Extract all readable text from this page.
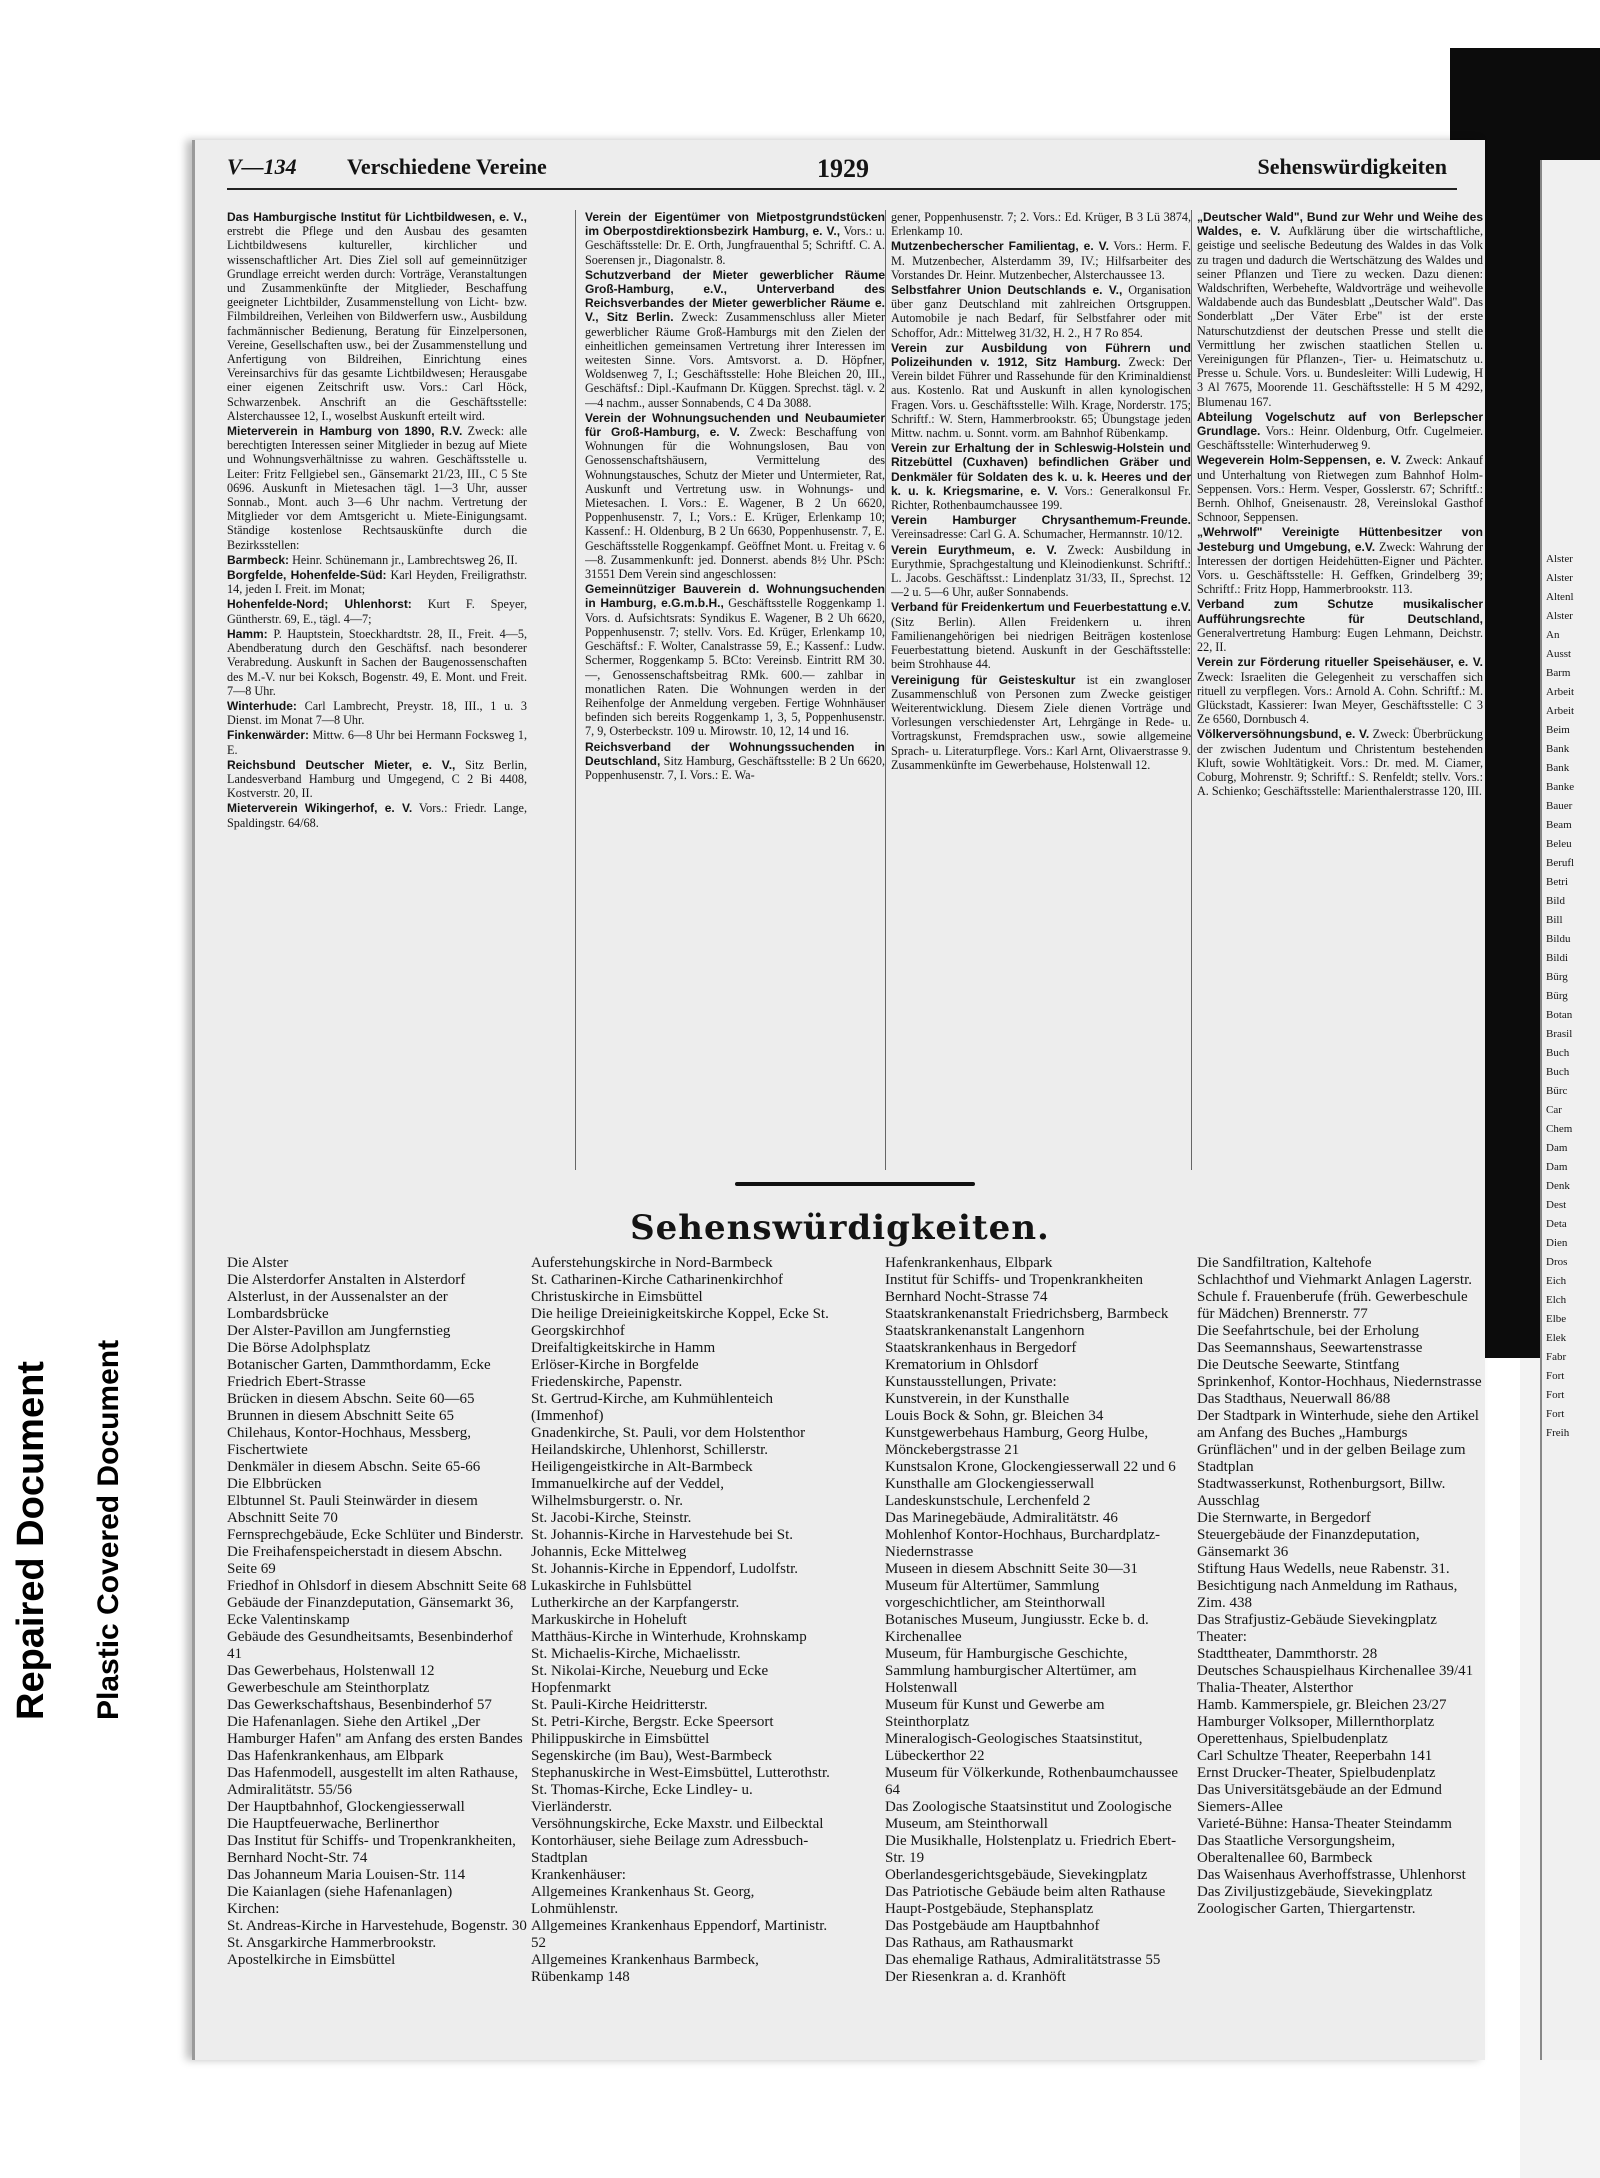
V—134 Verschiedene Vereine	1929	Sehenswürdigkeiten

Das Hamburgische Institut für Lichtbildwesen, e. V., erstrebt die Pflege und den Ausbau des gesamten Lichtbildwesens kultureller, kirchlicher und wissenschaftlicher Art. Dies Ziel soll auf gemeinnütziger Grundlage erreicht werden durch: Vorträge, Veranstaltungen und Zusammenkünfte der Mitglieder, Beschaffung geeigneter Lichtbilder, Zusammenstellung von Licht- bzw. Filmbildreihen, Verleihen von Bildwerfern usw., Ausbildung fachmännischer Bedienung, Beratung für Einzelpersonen, Vereine, Gesellschaften usw., bei der Zusammenstellung und Anfertigung von Bildreihen, Einrichtung eines Vereinsarchivs für das gesamte Lichtbildwesen; Herausgabe einer eigenen Zeitschrift usw. Vors.: Carl Höck, Schwarzenbek. Anschrift an die Geschäftsstelle: Alsterchaussee 12, I., woselbst Auskunft erteilt wird.

Mieterverein in Hamburg von 1890, R.V. Zweck: alle berechtigten Interessen seiner Mitglieder in bezug auf Miete und Wohnungsverhältnisse zu wahren. Geschäftsstelle u. Leiter: Fritz Fellgiebel sen., Gänsemarkt 21/23, III., C 5 Ste 0696. Auskunft in Mietesachen tägl. 1—3 Uhr, ausser Sonnab., Mont. auch 3—6 Uhr nachm. Vertretung der Mitglieder vor dem Amtsgericht u. Miete-Einigungsamt. Ständige kostenlose Rechtsauskünfte durch die Bezirksstellen:

Barmbeck: Heinr. Schünemann jr., Lambrechtsweg 26, II.

Borgfelde, Hohenfelde-Süd: Karl Heyden, Freiligrathstr. 14, jeden I. Freit. im Monat;

Hohenfelde-Nord; Uhlenhorst: Kurt F. Speyer, Güntherstr. 69, E., tägl. 4—7;

Hamm: P. Hauptstein, Stoeckhardtstr. 28, II., Freit. 4—5, Abendberatung durch den Geschäftsf. nach besonderer Verabredung. Auskunft in Sachen der Baugenossenschaften des M.-V. nur bei Koksch, Bogenstr. 49, E. Mont. und Freit. 7—8 Uhr.

Winterhude: Carl Lambrecht, Preystr. 18, III., 1 u. 3 Dienst. im Monat 7—8 Uhr.

Finkenwärder: Mittw. 6—8 Uhr bei Hermann Focksweg 1, E.

Reichsbund Deutscher Mieter, e. V., Sitz Berlin, Landesverband Hamburg und Umgegend, C 2 Bi 4408, Kostverstr. 20, II.

Mieterverein Wikingerhof, e. V. Vors.: Friedr. Lange, Spaldingstr. 64/68.

Verein der Eigentümer von Mietpostgrundstücken im Oberpostdirektionsbezirk Hamburg, e. V., Vors.: u. Geschäftsstelle: Dr. E. Orth, Jungfrauenthal 5; Schriftf. C. A. Soerensen jr., Diagonalstr. 8.

Schutzverband der Mieter gewerblicher Räume Groß-Hamburg, e.V., Unterverband des Reichsverbandes der Mieter gewerblicher Räume e. V., Sitz Berlin. Zweck: Zusammenschluss aller Mieter gewerblicher Räume Groß-Hamburgs mit den Zielen der einheitlichen gemeinsamen Vertretung ihrer Interessen im weitesten Sinne. Vors. Amtsvorst. a. D. Höpfner, Woldsenweg 7, I.; Geschäftsstelle: Hohe Bleichen 20, III., Geschäftsf.: Dipl.-Kaufmann Dr. Küggen. Sprechst. tägl. v. 2—4 nachm., ausser Sonnabends, C 4 Da 3088.

Verein der Wohnungsuchenden und Neubaumieter für Groß-Hamburg, e. V. Zweck: Beschaffung von Wohnungen für die Wohnungslosen, Bau von Genossenschaftshäusern, Vermittelung des Wohnungstausches, Schutz der Mieter und Untermieter, Rat, Auskunft und Vertretung usw. in Wohnungs- und Mietesachen. I. Vors.: E. Wagener, B 2 Un 6620, Poppenhusenstr. 7, I.; Vors.: E. Krüger, Erlenkamp 10; Kassenf.: H. Oldenburg, B 2 Un 6630, Poppenhusenstr. 7, E. Geschäftsstelle Roggenkampf. Geöffnet Mont. u. Freitag v. 6—8. Zusammenkunft: jed. Donnerst. abends 8½ Uhr. PSch: 31551 Dem Verein sind angeschlossen:

Gemeinnütziger Bauverein d. Wohnungsuchenden in Hamburg, e.G.m.b.H., Geschäftsstelle Roggenkamp 1. Vors. d. Aufsichtsrats: Syndikus E. Wagener, B 2 Uh 6620, Poppenhusenstr. 7; stellv. Vors. Ed. Krüger, Erlenkamp 10, Geschäftsf.: F. Wolter, Canalstrasse 59, E.; Kassenf.: Ludw. Schermer, Roggenkamp 5. BCto: Vereinsb. Eintritt RM 30.—, Genossenschaftsbeitrag RMk. 600.— zahlbar in monatlichen Raten. Die Wohnungen werden in der Reihenfolge der Anmeldung vergeben. Fertige Wohnhäuser befinden sich bereits Roggenkamp 1, 3, 5, Poppenhusenstr. 7, 9, Osterbeckstr. 109 u. Mirowstr. 10, 12, 14 und 16.

Reichsverband der Wohnungssuchenden in Deutschland, Sitz Hamburg, Geschäftsstelle: B 2 Un 6620, Poppenhusenstr. 7, I. Vors.: E. Wa-

gener, Poppenhusenstr. 7; 2. Vors.: Ed. Krüger, B 3 Lü 3874, Erlenkamp 10.

Mutzenbecherscher Familientag, e. V. Vors.: Herm. F. M. Mutzenbecher, Alsterdamm 39, IV.; Hilfsarbeiter des Vorstandes Dr. Heinr. Mutzenbecher, Alsterchaussee 13.

Selbstfahrer Union Deutschlands e. V., Organisation über ganz Deutschland mit zahlreichen Ortsgruppen. Automobile je nach Bedarf, für Selbstfahrer oder mit Schoffor, Adr.: Mittelweg 31/32, H. 2., H 7 Ro 854.

Verein zur Ausbildung von Führern und Polizeihunden v. 1912, Sitz Hamburg. Zweck: Der Verein bildet Führer und Rassehunde für den Kriminaldienst aus. Kostenlo. Rat und Auskunft in allen kynologischen Fragen. Vors. u. Geschäftsstelle: Wilh. Krage, Norderstr. 175; Schriftf.: W. Stern, Hammerbrookstr. 65; Übungstage jeden Mittw. nachm. u. Sonnt. vorm. am Bahnhof Rübenkamp.

Verein zur Erhaltung der in Schleswig-Holstein und Ritzebüttel (Cuxhaven) befindlichen Gräber und Denkmäler für Soldaten des k. u. k. Heeres und der k. u. k. Kriegsmarine, e. V. Vors.: Generalkonsul Fr. Richter, Rothenbaumchaussee 199.

Verein Hamburger Chrysanthemum-Freunde. Vereinsadresse: Carl G. A. Schumacher, Hermannstr. 10/12.

Verein Eurythmeum, e. V. Zweck: Ausbildung in Eurythmie, Sprachgestaltung und Kleinodienkunst. Schriftf.: L. Jacobs. Geschäftsst.: Lindenplatz 31/33, II., Sprechst. 12—2 u. 5—6 Uhr, außer Sonnabends.

Verband für Freidenkertum und Feuerbestattung e.V. (Sitz Berlin). Allen Freidenkern u. ihren Familienangehörigen bei niedrigen Beiträgen kostenlose Feuerbestattung bietend. Auskunft in der Geschäftsstelle: beim Strohhause 44.

Vereinigung für Geisteskultur ist ein zwangloser Zusammenschluß von Personen zum Zwecke geistiger Weiterentwicklung. Diesem Ziele dienen Vorträge und Vorlesungen verschiedenster Art, Lehrgänge in Rede- u. Vortragskunst, Fremdsprachen usw., sowie allgemeine Sprach- u. Literaturpflege. Vors.: Karl Arnt, Olivaerstrasse 9. Zusammenkünfte im Gewerbehause, Holstenwall 12.

„Deutscher Wald", Bund zur Wehr und Weihe des Waldes, e. V. Aufklärung über die wirtschaftliche, geistige und seelische Bedeutung des Waldes in das Volk zu tragen und dadurch die Wertschätzung des Waldes und seiner Pflanzen und Tiere zu wecken. Dazu dienen: Waldschriften, Werbehefte, Waldvorträge und weihevolle Waldabende auch das Bundesblatt „Deutscher Wald". Das Sonderblatt „Der Väter Erbe" ist der erste Naturschutzdienst der deutschen Presse und stellt die Vermittlung her zwischen staatlichen Stellen u. Vereinigungen für Pflanzen-, Tier- u. Heimatschutz u. Presse u. Schule. Vors. u. Bundesleiter: Willi Ludewig, H 3 Al 7675, Moorende 11. Geschäftsstelle: H 5 M 4292, Blumenau 167.

Abteilung Vogelschutz auf von Berlepscher Grundlage. Vors.: Heinr. Oldenburg, Otfr. Cugelmeier. Geschäftsstelle: Winterhuderweg 9.

Wegeverein Holm-Seppensen, e. V. Zweck: Ankauf und Unterhaltung von Rietwegen zum Bahnhof Holm-Seppensen. Vors.: Herm. Vesper, Gosslerstr. 67; Schriftf.: Bernh. Ohlhof, Gneisenaustr. 28, Vereinslokal Gasthof Schnoor, Seppensen.

„Wehrwolf" Vereinigte Hüttenbesitzer von Jesteburg und Umgebung, e.V. Zweck: Wahrung der Interessen der dortigen Heidehütten-Eigner und Pächter. Vors. u. Geschäftsstelle: H. Geffken, Grindelberg 39; Schriftf.: Fritz Hopp, Hammerbrookstr. 113.

Verband zum Schutze musikalischer Aufführungsrechte für Deutschland, Generalvertretung Hamburg: Eugen Lehmann, Deichstr. 22, II.

Verein zur Förderung ritueller Speisehäuser, e. V. Zweck: Israeliten die Gelegenheit zu verschaffen sich rituell zu verpflegen. Vors.: Arnold A. Cohn. Schriftf.: M. Glückstadt, Kassierer: Iwan Meyer, Geschäftsstelle: C 3 Ze 6560, Dornbusch 4.

Völkerversöhnungsbund, e. V. Zweck: Überbrückung der zwischen Judentum und Christentum bestehenden Kluft, sowie Wohltätigkeit. Vors.: Dr. med. M. Ciamer, Coburg, Mohrenstr. 9; Schriftf.: S. Renfeldt; stellv. Vors.: A. Schienko; Geschäftsstelle: Marienthalerstrasse 120, III.

Sehenswürdigkeiten.
Die Alster
Die Alsterdorfer Anstalten in Alsterdorf
Alsterlust, in der Aussenalster an der Lombardsbrücke
Der Alster-Pavillon am Jungfernstieg
Die Börse Adolphsplatz
Botanischer Garten, Dammthordamm, Ecke Friedrich Ebert-Strasse
Brücken in diesem Abschn. Seite 60—65
Brunnen in diesem Abschnitt Seite 65
Chilehaus, Kontor-Hochhaus, Messberg, Fischertwiete
Denkmäler in diesem Abschn. Seite 65-66
Die Elbbrücken
Elbtunnel St. Pauli Steinwärder in diesem Abschnitt Seite 70
Fernsprechgebäude, Ecke Schlüter und Binderstr.
Die Freihafenspeicherstadt in diesem Abschn. Seite 69
Friedhof in Ohlsdorf in diesem Abschnitt Seite 68
Gebäude der Finanzdeputation, Gänsemarkt 36, Ecke Valentinskamp
Gebäude des Gesundheitsamts, Besenbinderhof 41
Das Gewerbehaus, Holstenwall 12
Gewerbeschule am Steinthorplatz
Das Gewerkschaftshaus, Besenbinderhof 57
Die Hafenanlagen. Siehe den Artikel „Der Hamburger Hafen" am Anfang des ersten Bandes
Das Hafenkrankenhaus, am Elbpark
Das Hafenmodell, ausgestellt im alten Rathause, Admiralitätstr. 55/56
Der Hauptbahnhof, Glockengiesserwall
Die Hauptfeuerwache, Berlinerthor
Das Institut für Schiffs- und Tropenkrankheiten, Bernhard Nocht-Str. 74
Das Johanneum Maria Louisen-Str. 114
Die Kaianlagen (siehe Hafenanlagen)
Kirchen:
St. Andreas-Kirche in Harvestehude, Bogenstr. 30
St. Ansgarkirche Hammerbrookstr.
Apostelkirche in Eimsbüttel
Auferstehungskirche in Nord-Barmbeck
St. Catharinen-Kirche Catharinenkirchhof
Christuskirche in Eimsbüttel
Die heilige Dreieinigkeitskirche Koppel, Ecke St. Georgskirchhof
Dreifaltigkeitskirche in Hamm
Erlöser-Kirche in Borgfelde
Friedenskirche, Papenstr.
St. Gertrud-Kirche, am Kuhmühlenteich (Immenhof)
Gnadenkirche, St. Pauli, vor dem Holstenthor
Heilandskirche, Uhlenhorst, Schillerstr.
Heiligengeistkirche in Alt-Barmbeck
Immanuelkirche auf der Veddel, Wilhelmsburgerstr. o. Nr.
St. Jacobi-Kirche, Steinstr.
St. Johannis-Kirche in Harvestehude bei St. Johannis, Ecke Mittelweg
St. Johannis-Kirche in Eppendorf, Ludolfstr.
Lukaskirche in Fuhlsbüttel
Lutherkirche an der Karpfangerstr.
Markuskirche in Hoheluft
Matthäus-Kirche in Winterhude, Krohnskamp
St. Michaelis-Kirche, Michaelisstr.
St. Nikolai-Kirche, Neueburg und Ecke Hopfenmarkt
St. Pauli-Kirche Heidritterstr.
St. Petri-Kirche, Bergstr. Ecke Speersort
Philippuskirche in Eimsbüttel
Segenskirche (im Bau), West-Barmbeck
Stephanuskirche in West-Eimsbüttel, Lutterothstr.
St. Thomas-Kirche, Ecke Lindley- u. Vierländerstr.
Versöhnungskirche, Ecke Maxstr. und Eilbecktal
Kontorhäuser, siehe Beilage zum Adressbuch-Stadtplan
Krankenhäuser:
Allgemeines Krankenhaus St. Georg, Lohmühlenstr.
Allgemeines Krankenhaus Eppendorf, Martinistr. 52
Allgemeines Krankenhaus Barmbeck, Rübenkamp 148
Hafenkrankenhaus, Elbpark
Institut für Schiffs- und Tropenkrankheiten Bernhard Nocht-Strasse 74
Staatskrankenanstalt Friedrichsberg, Barmbeck
Staatskrankenanstalt Langenhorn
Staatskrankenhaus in Bergedorf
Krematorium in Ohlsdorf
Kunstausstellungen, Private:
Kunstverein, in der Kunsthalle
Louis Bock & Sohn, gr. Bleichen 34
Kunstgewerbehaus Hamburg, Georg Hulbe, Mönckebergstrasse 21
Kunstsalon Krone, Glockengiesserwall 22 und 6
Kunsthalle am Glockengiesserwall
Landeskunstschule, Lerchenfeld 2
Das Marinegebäude, Admiralitätstr. 46
Mohlenhof Kontor-Hochhaus, Burchardplatz-Niedernstrasse
Museen in diesem Abschnitt Seite 30—31
Museum für Altertümer, Sammlung vorgeschichtlicher, am Steinthorwall
Botanisches Museum, Jungiusstr. Ecke b. d. Kirchenallee
Museum, für Hamburgische Geschichte, Sammlung hamburgischer Altertümer, am Holstenwall
Museum für Kunst und Gewerbe am Steinthorplatz
Mineralogisch-Geologisches Staatsinstitut, Lübeckerthor 22
Museum für Völkerkunde, Rothenbaumchaussee 64
Das Zoologische Staatsinstitut und Zoologische Museum, am Steinthorwall
Die Musikhalle, Holstenplatz u. Friedrich Ebert-Str. 19
Oberlandesgerichtsgebäude, Sievekingplatz
Das Patriotische Gebäude beim alten Rathause
Haupt-Postgebäude, Stephansplatz
Das Postgebäude am Hauptbahnhof
Das Rathaus, am Rathausmarkt
Das ehemalige Rathaus, Admiralitätstrasse 55
Der Riesenkran a. d. Kranhöft
Die Sandfiltration, Kaltehofe
Schlachthof und Viehmarkt Anlagen Lagerstr.
Schule f. Frauenberufe (früh. Gewerbeschule für Mädchen) Brennerstr. 77
Die Seefahrtschule, bei der Erholung
Das Seemannshaus, Seewartenstrasse
Die Deutsche Seewarte, Stintfang
Sprinkenhof, Kontor-Hochhaus, Niedernstrasse
Das Stadthaus, Neuerwall 86/88
Der Stadtpark in Winterhude, siehe den Artikel am Anfang des Buches „Hamburgs Grünflächen" und in der gelben Beilage zum Stadtplan
Stadtwasserkunst, Rothenburgsort, Billw. Ausschlag
Die Sternwarte, in Bergedorf
Steuergebäude der Finanzdeputation, Gänsemarkt 36
Stiftung Haus Wedells, neue Rabenstr. 31. Besichtigung nach Anmeldung im Rathaus, Zim. 438
Das Strafjustiz-Gebäude Sievekingplatz
Theater:
Stadttheater, Dammthorstr. 28
Deutsches Schauspielhaus Kirchenallee 39/41
Thalia-Theater, Alsterthor
Hamb. Kammerspiele, gr. Bleichen 23/27
Hamburger Volksoper, Millernthorplatz
Operettenhaus, Spielbudenplatz
Carl Schultze Theater, Reeperbahn 141
Ernst Drucker-Theater, Spielbudenplatz
Das Universitätsgebäude an der Edmund Siemers-Allee
Varieté-Bühne: Hansa-Theater Steindamm
Das Staatliche Versorgungsheim, Oberaltenallee 60, Barmbeck
Das Waisenhaus Averhoffstrasse, Uhlenhorst
Das Ziviljustizgebäude, Sievekingplatz
Zoologischer Garten, Thiergartenstr.
Alster
Alster
Altenl
Alster
An
Ausst
Barm
Arbeit
Arbeit
Beim
Bank
Bank
Banke
Bauer
Beam
Beleu
Berufl
Betri
Bild
Bill
Bildu
Bildi
Bürg
Bürg
Botan
Brasil
Buch
Buch
Bürc
Car
Chem
Dam
Dam
Denk
Dest
Deta
Dien
Dros
Eich
Elch
Elbe
Elek
Fabr
Fort
Fort
Fort
Freih
Repaired Document Plastic Covered Document
